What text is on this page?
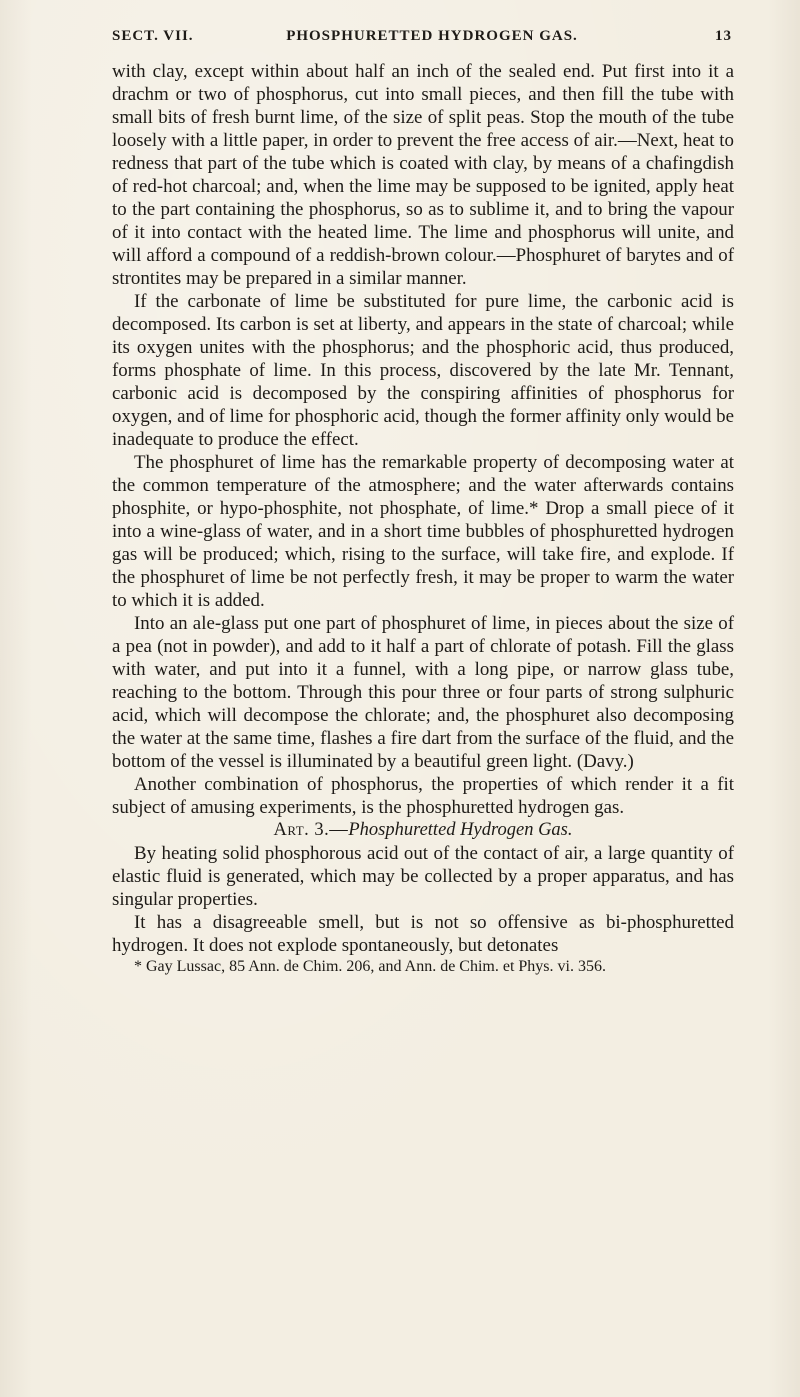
SECT. VII.	PHOSPHURETTED HYDROGEN GAS.	13

with clay, except within about half an inch of the sealed end. Put first into it a drachm or two of phosphorus, cut into small pieces, and then fill the tube with small bits of fresh burnt lime, of the size of split peas. Stop the mouth of the tube loosely with a little paper, in order to prevent the free access of air.—Next, heat to redness that part of the tube which is coated with clay, by means of a chafingdish of red-hot charcoal; and, when the lime may be supposed to be ignited, apply heat to the part containing the phosphorus, so as to sublime it, and to bring the vapour of it into contact with the heated lime. The lime and phosphorus will unite, and will afford a compound of a reddish-brown colour.—Phosphuret of barytes and of strontites may be prepared in a similar manner.

If the carbonate of lime be substituted for pure lime, the carbonic acid is decomposed. Its carbon is set at liberty, and appears in the state of charcoal; while its oxygen unites with the phosphorus; and the phosphoric acid, thus produced, forms phosphate of lime. In this process, discovered by the late Mr. Tennant, carbonic acid is decomposed by the conspiring affinities of phosphorus for oxygen, and of lime for phosphoric acid, though the former affinity only would be inadequate to produce the effect.

The phosphuret of lime has the remarkable property of decomposing water at the common temperature of the atmosphere; and the water afterwards contains phosphite, or hypo-phosphite, not phosphate, of lime.* Drop a small piece of it into a wine-glass of water, and in a short time bubbles of phosphuretted hydrogen gas will be produced; which, rising to the surface, will take fire, and explode. If the phosphuret of lime be not perfectly fresh, it may be proper to warm the water to which it is added.

Into an ale-glass put one part of phosphuret of lime, in pieces about the size of a pea (not in powder), and add to it half a part of chlorate of potash. Fill the glass with water, and put into it a funnel, with a long pipe, or narrow glass tube, reaching to the bottom. Through this pour three or four parts of strong sulphuric acid, which will decompose the chlorate; and, the phosphuret also decomposing the water at the same time, flashes a fire dart from the surface of the fluid, and the bottom of the vessel is illuminated by a beautiful green light. (Davy.)

Another combination of phosphorus, the properties of which render it a fit subject of amusing experiments, is the phosphuretted hydrogen gas.

Art. 3.—Phosphuretted Hydrogen Gas.

By heating solid phosphorous acid out of the contact of air, a large quantity of elastic fluid is generated, which may be collected by a proper apparatus, and has singular properties.

It has a disagreeable smell, but is not so offensive as bi-phosphuretted hydrogen. It does not explode spontaneously, but detonates

* Gay Lussac, 85 Ann. de Chim. 206, and Ann. de Chim. et Phys. vi. 356.
